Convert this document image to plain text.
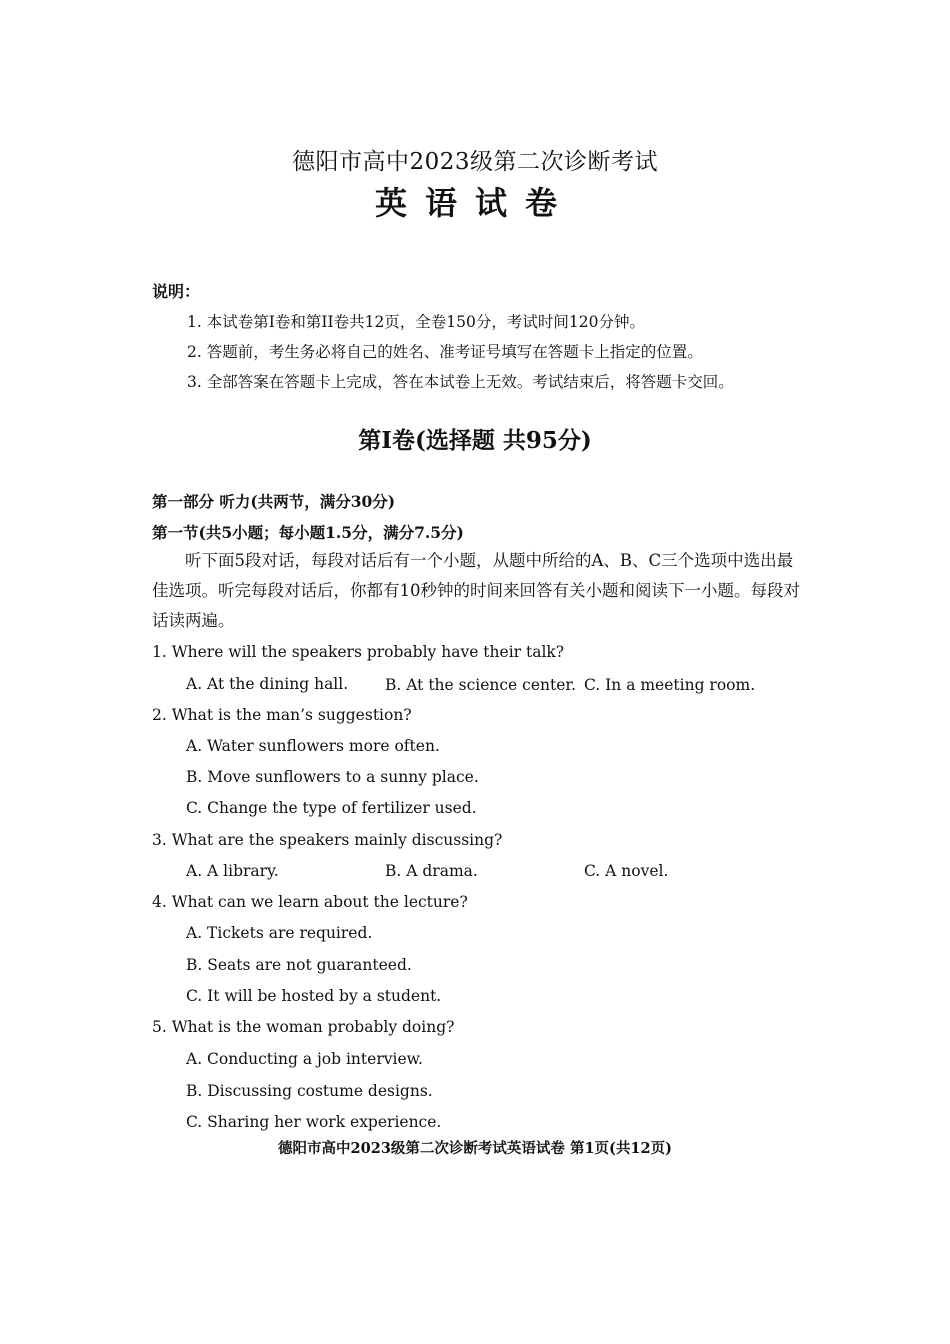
德阳市高中2023级第二次诊断考试
英语试卷
说明：
1. 本试卷第I卷和第II卷共12页，全卷150分，考试时间120分钟。
2. 答题前，考生务必将自己的姓名、准考证号填写在答题卡上指定的位置。
3. 全部答案在答题卡上完成，答在本试卷上无效。考试结束后，将答题卡交回。
第I卷(选择题 共95分)
第一部分 听力(共两节，满分30分)
第一节(共5小题；每小题1.5分，满分7.5分)
听下面5段对话，每段对话后有一个小题，从题中所给的A、B、C三个选项中选出最佳选项。听完每段对话后，你都有10秒钟的时间来回答有关小题和阅读下一小题。每段对话读两遍。
1. Where will the speakers probably have their talk?
A. At the dining hall. B. At the science center. C. In a meeting room.
2. What is the man’s suggestion?
A. Water sunflowers more often.
B. Move sunflowers to a sunny place.
C. Change the type of fertilizer used.
3. What are the speakers mainly discussing?
A. A library.	B. A drama.	C. A novel.
4. What can we learn about the lecture?
A. Tickets are required.
B. Seats are not guaranteed.
C. It will be hosted by a student.
5. What is the woman probably doing?
A. Conducting a job interview.
B. Discussing costume designs.
C. Sharing her work experience.
德阳市高中2023级第二次诊断考试英语试卷 第1页(共12页)
